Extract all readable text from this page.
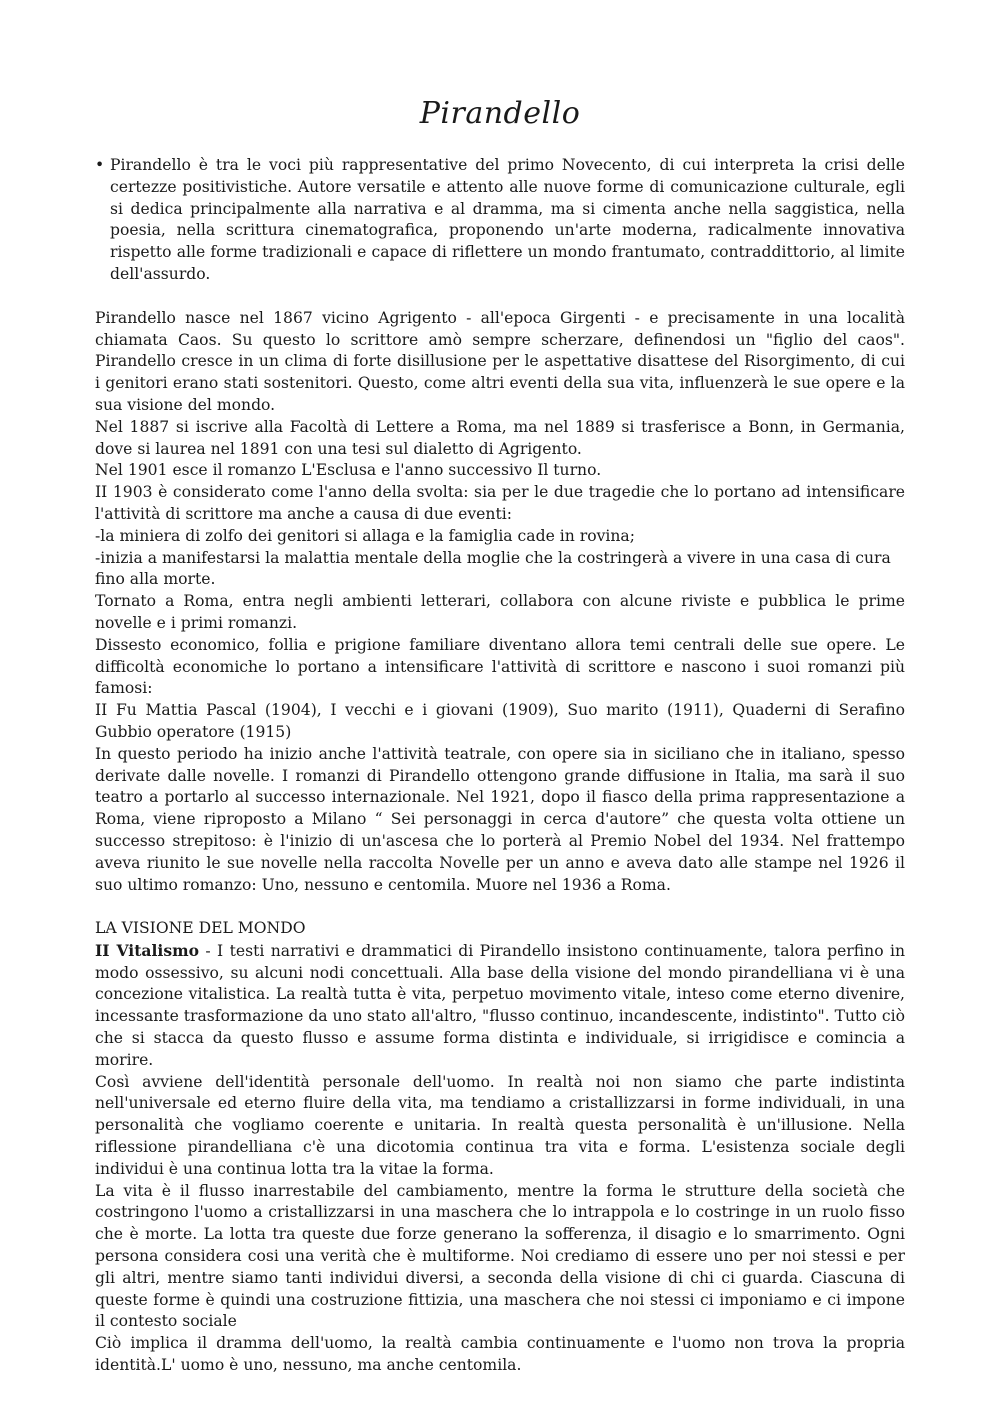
Pirandello

• Pirandello è tra le voci più rappresentative del primo Novecento, di cui interpreta la crisi delle certezze positivistiche. Autore versatile e attento alle nuove forme di comunicazione culturale, egli si dedica principalmente alla narrativa e al dramma, ma si cimenta anche nella saggistica, nella poesia, nella scrittura cinematografica, proponendo un'arte moderna, radicalmente innovativa rispetto alle forme tradizionali e capace di riflettere un mondo frantumato, contraddittorio, al limite dell'assurdo.

Pirandello nasce nel 1867 vicino Agrigento - all'epoca Girgenti - e precisamente in una località chiamata Caos. Su questo lo scrittore amò sempre scherzare, definendosi un "figlio del caos". Pirandello cresce in un clima di forte disillusione per le aspettative disattese del Risorgimento, di cui i genitori erano stati sostenitori. Questo, come altri eventi della sua vita, influenzerà le sue opere e la sua visione del mondo.

Nel 1887 si iscrive alla Facoltà di Lettere a Roma, ma nel 1889 si trasferisce a Bonn, in Germania, dove si laurea nel 1891 con una tesi sul dialetto di Agrigento.

Nel 1901 esce il romanzo L'Esclusa e l'anno successivo Il turno.

II 1903 è considerato come l'anno della svolta: sia per le due tragedie che lo portano ad intensificare l'attività di scrittore ma anche a causa di due eventi:

-la miniera di zolfo dei genitori si allaga e la famiglia cade in rovina;

-inizia a manifestarsi la malattia mentale della moglie che la costringerà a vivere in una casa di cura

fino alla morte.

Tornato a Roma, entra negli ambienti letterari, collabora con alcune riviste e pubblica le prime novelle e i primi romanzi.

Dissesto economico, follia e prigione familiare diventano allora temi centrali delle sue opere. Le difficoltà economiche lo portano a intensificare l'attività di scrittore e nascono i suoi romanzi più famosi:

II Fu Mattia Pascal (1904), I vecchi e i giovani (1909), Suo marito (1911), Quaderni di Serafino Gubbio operatore (1915)

In questo periodo ha inizio anche l'attività teatrale, con opere sia in siciliano che in italiano, spesso derivate dalle novelle. I romanzi di Pirandello ottengono grande diffusione in Italia, ma sarà il suo teatro a portarlo al successo internazionale. Nel 1921, dopo il fiasco della prima rappresentazione a Roma, viene riproposto a Milano “ Sei personaggi in cerca d'autore” che questa volta ottiene un successo strepitoso: è l'inizio di un'ascesa che lo porterà al Premio Nobel del 1934. Nel frattempo aveva riunito le sue novelle nella raccolta Novelle per un anno e aveva dato alle stampe nel 1926 il suo ultimo romanzo: Uno, nessuno e centomila. Muore nel 1936 a Roma.

LA VISIONE DEL MONDO

II Vitalismo - I testi narrativi e drammatici di Pirandello insistono continuamente, talora perfino in modo ossessivo, su alcuni nodi concettuali. Alla base della visione del mondo pirandelliana vi è una concezione vitalistica. La realtà tutta è vita, perpetuo movimento vitale, inteso come eterno divenire, incessante trasformazione da uno stato all'altro, "flusso continuo, incandescente, indistinto". Tutto ciò che si stacca da questo flusso e assume forma distinta e individuale, si irrigidisce e comincia a morire.

Così avviene dell'identità personale dell'uomo. In realtà noi non siamo che parte indistinta nell'universale ed eterno fluire della vita, ma tendiamo a cristallizzarsi in forme individuali, in una personalità che vogliamo coerente e unitaria. In realtà questa personalità è un'illusione. Nella riflessione pirandelliana c'è una dicotomia continua tra vita e forma. L'esistenza sociale degli individui è una continua lotta tra la vitae la forma.

La vita è il flusso inarrestabile del cambiamento, mentre la forma le strutture della società che costringono l'uomo a cristallizzarsi in una maschera che lo intrappola e lo costringe in un ruolo fisso che è morte. La lotta tra queste due forze generano la sofferenza, il disagio e lo smarrimento. Ogni persona considera cosi una verità che è multiforme. Noi crediamo di essere uno per noi stessi e per gli altri, mentre siamo tanti individui diversi, a seconda della visione di chi ci guarda. Ciascuna di queste forme è quindi una costruzione fittizia, una maschera che noi stessi ci imponiamo e ci impone il contesto sociale

Ciò implica il dramma dell'uomo, la realtà cambia continuamente e l'uomo non trova la propria identità.L' uomo è uno, nessuno, ma anche centomila.
